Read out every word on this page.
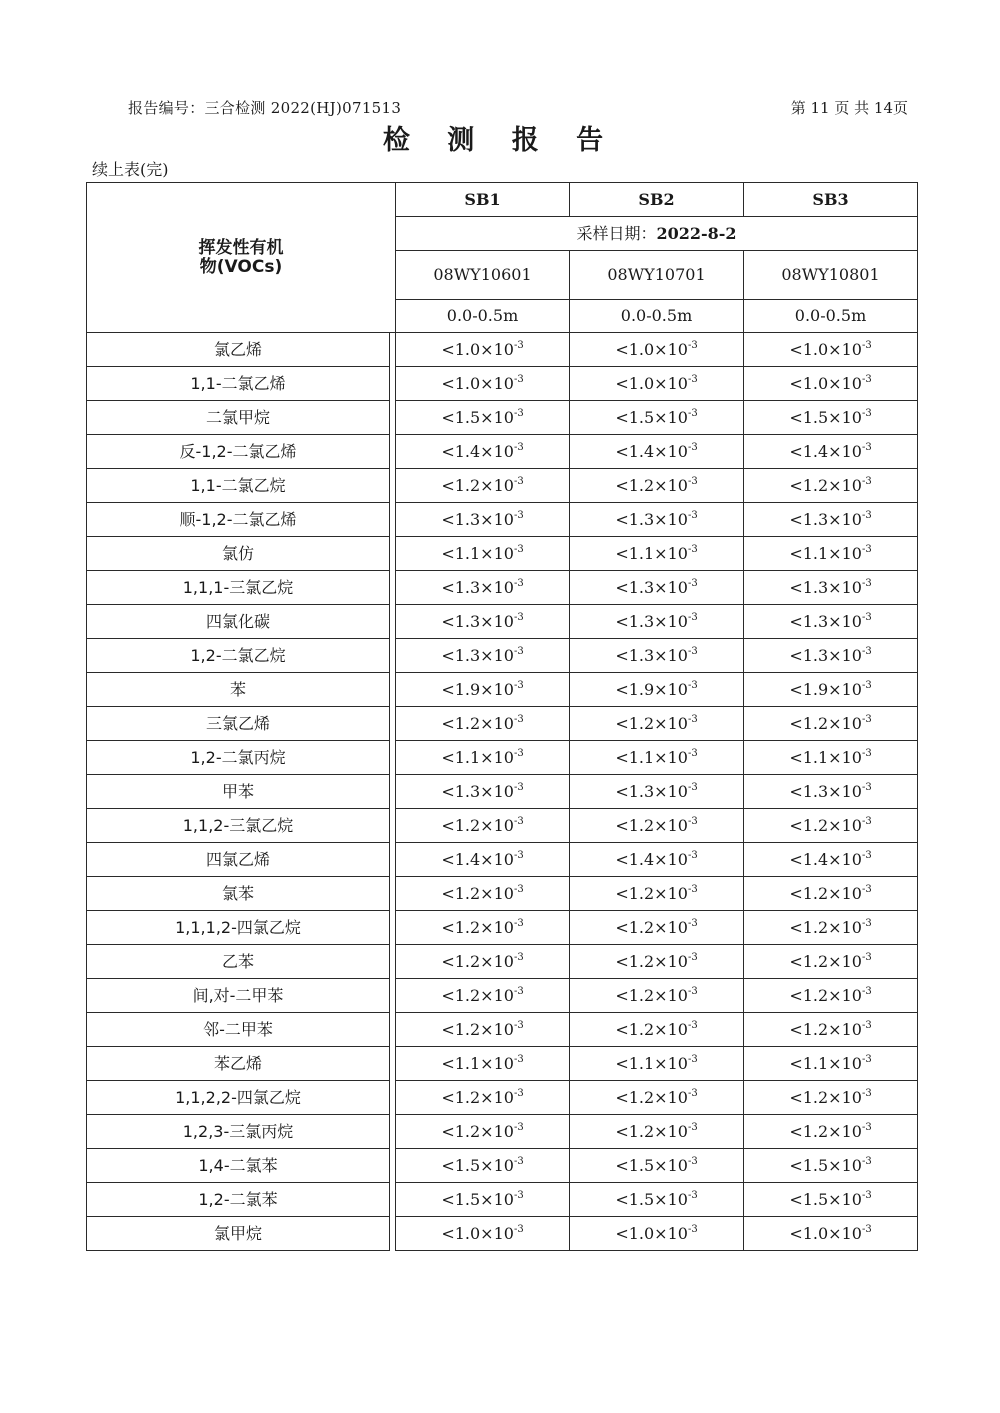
报告编号：三合检测 2022(HJ)071513	第 11 页 共 14页
检 测 报 告
续上表(完)
挥发性有机
物(VOCs)		SB1	SB2	SB3
		采样日期：2022-8-2		
		08WY10601	08WY10701	08WY10801
		0.0-0.5m	0.0-0.5m	0.0-0.5m
氯乙烯		$<1.0\times 10^{-3}$	$<1.0\times 10^{-3}$	$<1.0\times 10^{-3}$
1,1-二氯乙烯		$<1.0\times 10^{-3}$	$<1.0\times 10^{-3}$	$<1.0\times 10^{-3}$
二氯甲烷		$<1.5\times 10^{-3}$	$<1.5\times 10^{-3}$	$<1.5\times 10^{-3}$
反-1,2-二氯乙烯		$<1.4\times 10^{-3}$	$<1.4\times 10^{-3}$	$<1.4\times 10^{-3}$
1,1-二氯乙烷		$<1.2\times 10^{-3}$	$<1.2\times 10^{-3}$	$<1.2\times 10^{-3}$
顺-1,2-二氯乙烯		$<1.3\times 10^{-3}$	$<1.3\times 10^{-3}$	$<1.3\times 10^{-3}$
氯仿		$<1.1\times 10^{-3}$	$<1.1\times 10^{-3}$	$<1.1\times 10^{-3}$
1,1,1-三氯乙烷		$<1.3\times 10^{-3}$	$<1.3\times 10^{-3}$	$<1.3\times 10^{-3}$
四氯化碳		$<1.3\times 10^{-3}$	$<1.3\times 10^{-3}$	$<1.3\times 10^{-3}$
1,2-二氯乙烷		$<1.3\times 10^{-3}$	$<1.3\times 10^{-3}$	$<1.3\times 10^{-3}$
苯		$<1.9\times 10^{-3}$	$<1.9\times 10^{-3}$	$<1.9\times 10^{-3}$
三氯乙烯		$<1.2\times 10^{-3}$	$<1.2\times 10^{-3}$	$<1.2\times 10^{-3}$
1,2-二氯丙烷		$<1.1\times 10^{-3}$	$<1.1\times 10^{-3}$	$<1.1\times 10^{-3}$
甲苯		$<1.3\times 10^{-3}$	$<1.3\times 10^{-3}$	$<1.3\times 10^{-3}$
1,1,2-三氯乙烷		$<1.2\times 10^{-3}$	$<1.2\times 10^{-3}$	$<1.2\times 10^{-3}$
四氯乙烯		$<1.4\times 10^{-3}$	$<1.4\times 10^{-3}$	$<1.4\times 10^{-3}$
氯苯		$<1.2\times 10^{-3}$	$<1.2\times 10^{-3}$	$<1.2\times 10^{-3}$
1,1,1,2-四氯乙烷		$<1.2\times 10^{-3}$	$<1.2\times 10^{-3}$	$<1.2\times 10^{-3}$
乙苯		$<1.2\times 10^{-3}$	$<1.2\times 10^{-3}$	$<1.2\times 10^{-3}$
间,对-二甲苯		$<1.2\times 10^{-3}$	$<1.2\times 10^{-3}$	$<1.2\times 10^{-3}$
邻-二甲苯		$<1.2\times 10^{-3}$	$<1.2\times 10^{-3}$	$<1.2\times 10^{-3}$
苯乙烯		$<1.1\times 10^{-3}$	$<1.1\times 10^{-3}$	$<1.1\times 10^{-3}$
1,1,2,2-四氯乙烷		$<1.2\times 10^{-3}$	$<1.2\times 10^{-3}$	$<1.2\times 10^{-3}$
1,2,3-三氯丙烷		$<1.2\times 10^{-3}$	$<1.2\times 10^{-3}$	$<1.2\times 10^{-3}$
1,4-二氯苯		$<1.5\times 10^{-3}$	$<1.5\times 10^{-3}$	$<1.5\times 10^{-3}$
1,2-二氯苯		$<1.5\times 10^{-3}$	$<1.5\times 10^{-3}$	$<1.5\times 10^{-3}$
氯甲烷		$<1.0\times 10^{-3}$	$<1.0\times 10^{-3}$	$<1.0\times 10^{-3}$
